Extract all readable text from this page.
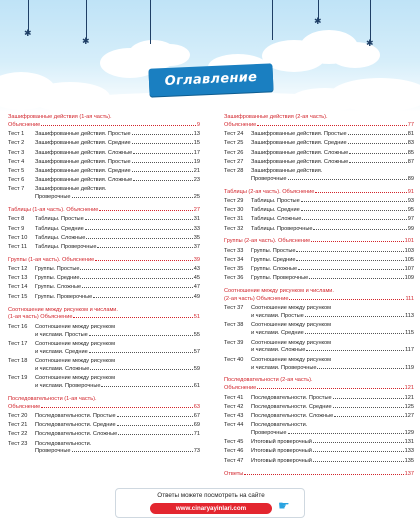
✱
✱
✱
✱
Оглавление
Зашифрованные действия (1-ая часть).
Объяснение	9
Тест 1	Зашифрованные действия. Простые	13
Тест 2	Зашифрованные действия. Средние	15
Тест 3	Зашифрованные действия. Сложные	17
Тест 4	Зашифрованные действия. Простые	19
Тест 5	Зашифрованные действия. Средние	21
Тест 6	Зашифрованные действия. Сложные	23
Тест 7	Зашифрованные действия.
Проверочные	25
Таблицы (1-ая часть). Объяснение	27
Тест 8	Таблицы. Простые	31
Тест 9	Таблицы. Средние	33
Тест 10	Таблицы. Сложные	35
Тест 11	Таблицы. Проверочные	37
Группы (1-ая часть). Объяснение	39
Тест 12	Группы. Простые	43
Тест 13	Группы. Средние	45
Тест 14	Группы. Сложные	47
Тест 15	Группы. Проверочные	49
Соотношение между рисунком и числами.
(1-ая часть) Объяснение	51
Тест 16	Соотношение между рисунком
и числами. Простые	55
Тест 17	Соотношение между рисунком
и числами. Средние	57
Тест 18	Соотношение между рисунком
и числами. Сложные	59
Тест 19	Соотношение между рисунком
и числами. Проверочные	61
Последовательности (1-ая часть).
Объяснение	63
Тест 20	Последовательности. Простые	67
Тест 21	Последовательности. Средние	69
Тест 22	Последовательности. Сложные	71
Тест 23	Последовательности.
Проверочные	73
Зашифрованные действия (2-ая часть).
Объяснение	77
Тест 24	Зашифрованные действия. Простые	81
Тест 25	Зашифрованные действия. Средние	83
Тест 26	Зашифрованные действия. Сложные	85
Тест 27	Зашифрованные действия. Сложные	87
Тест 28	Зашифрованные действия.
Проверочные	89
Таблицы (2-ая часть). Объяснение	91
Тест 29	Таблицы. Простые	93
Тест 30	Таблицы. Средние	95
Тест 31	Таблицы. Сложные	97
Тест 32	Таблицы. Проверочные	99
Группы (2-ая часть). Объяснение	101
Тест 33	Группы. Простые	103
Тест 34	Группы. Средние	105
Тест 35	Группы. Сложные	107
Тест 36	Группы. Проверочные	109
Соотношение между рисунком и числами.
(2-ая часть) Объяснение	111
Тест 37	Соотношение между рисунком
и числами. Простые	113
Тест 38	Соотношение между рисунком
и числами. Средние	115
Тест 39	Соотношение между рисунком
и числами. Сложные	117
Тест 40	Соотношение между рисунком
и числами. Проверочные	119
Последовательности (2-ая часть).
Объяснение	121
Тест 41	Последовательности. Простые	121
Тест 42	Последовательности. Средние	125
Тест 43	Последовательности. Сложные	127
Тест 44	Последовательности.
Проверочные	129
Тест 45	Итоговый проверочный	131
Тест 46	Итоговый проверочный	133
Тест 47	Итоговый проверочный	135
Ответы	137
Ответы можете посмотреть на сайте
www.cinaryayinlari.com	☛
